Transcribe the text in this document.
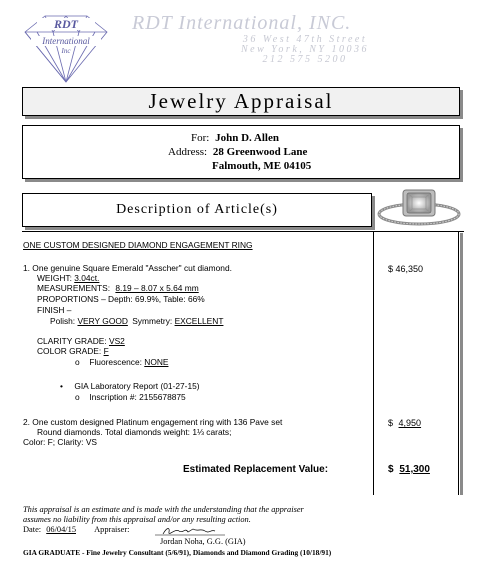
RDT
International
Inc
RDT International, INC.
36 West 47th Street
New York, NY 10036
212 575 5200
Jewelry Appraisal
For: John D. Allen
Address: 28 Greenwood Lane
Falmouth, ME 04105
Description of Article(s)
ONE CUSTOM DESIGNED DIAMOND ENGAGEMENT RING
1. One genuine Square Emerald "Asscher" cut diamond.
WEIGHT: 3.04ct.
MEASUREMENTS: 8.19 – 8.07 x 5.64 mm
PROPORTIONS – Depth: 69.9%, Table: 66%
FINISH –
Polish: VERY GOOD Symmetry: EXCELLENT
CLARITY GRADE: VS2
COLOR GRADE: F
o Fluorescence: NONE
• GIA Laboratory Report (01-27-15)
o Inscription #: 2155678875
2. One custom designed Platinum engagement ring with 136 Pave set
Round diamonds. Total diamonds weight: 1⅓ carats;
Color: F; Clarity: VS
$ 46,350
$ 4,950
Estimated Replacement Value:	$ 51,300
This appraisal is an estimate and is made with the understanding that the appraiser
assumes no liability from this appraisal and/or any resulting action.
Date: 06/04/15 Appraiser:
Jordan Noha, G.G. (GIA)
GIA GRADUATE - Fine Jewelry Consultant (5/6/91), Diamonds and Diamond Grading (10/18/91)
